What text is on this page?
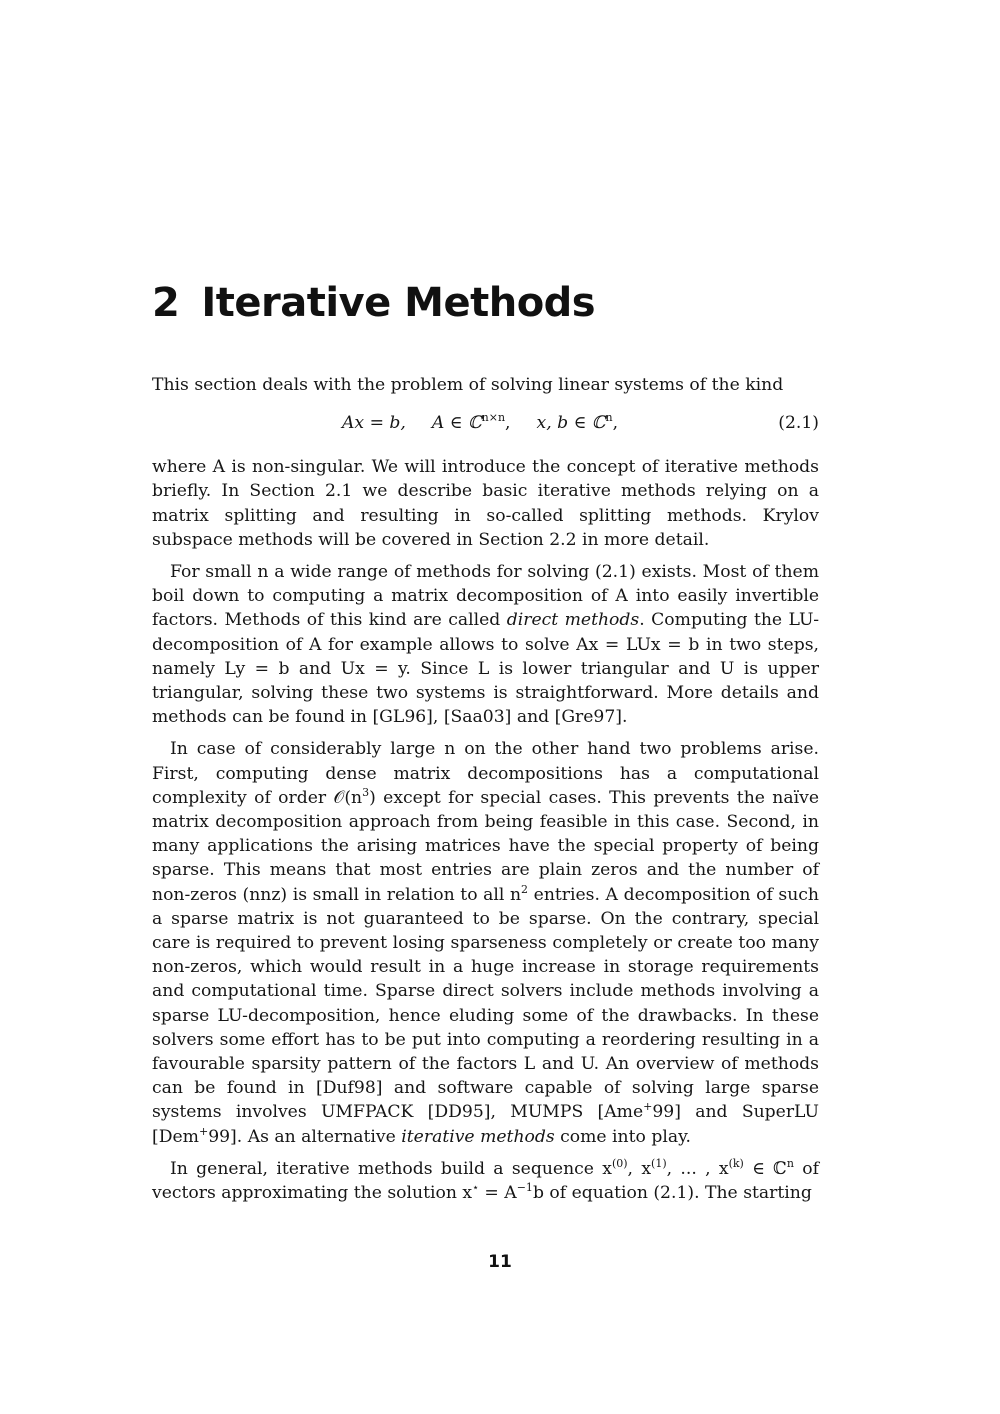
2 Iterative Methods

This section deals with the problem of solving linear systems of the kind

Ax = b, A ∈ ℂ$^{n\times n}$, x, b ∈ ℂ$^n$,	(2.1)

where A is non-singular. We will introduce the concept of iterative methods briefly. In Section 2.1 we describe basic iterative methods relying on a matrix splitting and resulting in so-called splitting methods. Krylov subspace methods will be covered in Section 2.2 in more detail.

For small n a wide range of methods for solving (2.1) exists. Most of them boil down to computing a matrix decomposition of A into easily invertible factors. Methods of this kind are called direct methods. Computing the LU-decomposition of A for example allows to solve Ax = LUx = b in two steps, namely Ly = b and Ux = y. Since L is lower triangular and U is upper triangular, solving these two systems is straightforward. More details and methods can be found in [GL96], [Saa03] and [Gre97].

In case of considerably large n on the other hand two problems arise. First, computing dense matrix decompositions has a computational complexity of order $𝒪(n^3)$ except for special cases. This prevents the naïve matrix decomposition approach from being feasible in this case. Second, in many applications the arising matrices have the special property of being sparse. This means that most entries are plain zeros and the number of non-zeros (nnz) is small in relation to all $n^2$ entries. A decomposition of such a sparse matrix is not guaranteed to be sparse. On the contrary, special care is required to prevent losing sparseness completely or create too many non-zeros, which would result in a huge increase in storage requirements and computational time. Sparse direct solvers include methods involving a sparse LU-decomposition, hence eluding some of the drawbacks. In these solvers some effort has to be put into computing a reordering resulting in a favourable sparsity pattern of the factors L and U. An overview of methods can be found in [Duf98] and software capable of solving large sparse systems involves UMFPACK [DD95], MUMPS [Ame+99] and SuperLU [Dem+99]. As an alternative iterative methods come into play.

In general, iterative methods build a sequence $x^{(0)}$, $x^{(1)}$, ... , $x^{(k)}$ ∈ ℂ$^n$ of vectors approximating the solution $x^⋆ = A^{-1}b$ of equation (2.1). The starting

11
